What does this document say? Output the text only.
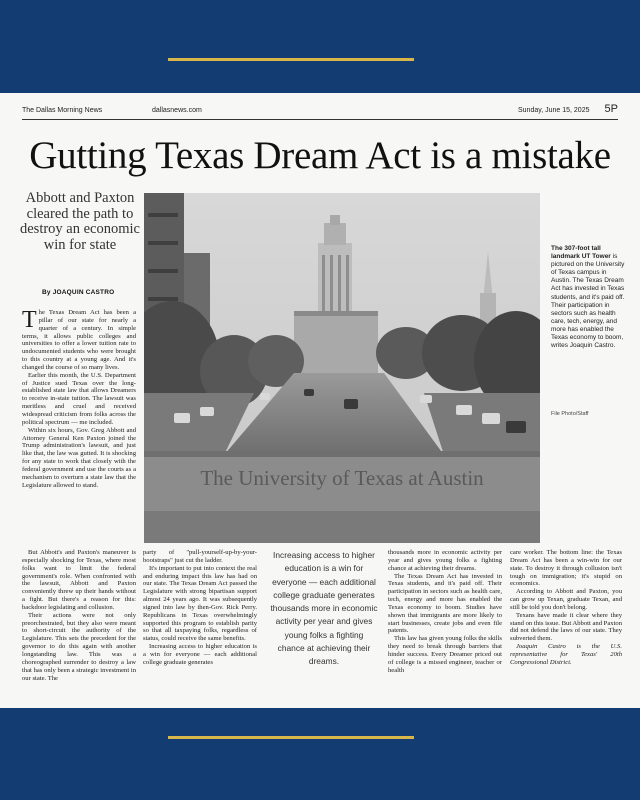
The Dallas Morning News	dallasnews.com	Sunday, June 15, 2025 5P
Gutting Texas Dream Act is a mistake
Abbott and Paxton cleared the path to destroy an economic win for state
By JOAQUIN CASTRO

The Texas Dream Act has been a pillar of our state for nearly a quarter of a century. In simple terms, it allows public colleges and universities to offer a lower tuition rate to undocumented students who were brought to this country at a young age. And it's changed the course of so many lives.

Earlier this month, the U.S. Department of Justice sued Texas over the long-established state law that allows Dreamers to receive in-state tuition. The lawsuit was meritless and cruel and received widespread criticism from folks across the political spectrum — me included.

Within six hours, Gov. Greg Abbott and Attorney General Ken Paxton joined the Trump administration's lawsuit, and just like that, the law was gutted. It is shocking for any state to work that closely with the federal government and use the courts as a mechanism to overturn a state law that the Legislature allowed to stand.

But Abbott's and Paxton's maneuver is especially shocking for Texas, where most folks want to limit the federal government's role. When confronted with the lawsuit, Abbott and Paxton conveniently threw up their hands without a fight. But there's a reason for this: backdoor legislating and collusion.

Their actions were not only preorchestrated, but they also were meant to short-circuit the authority of the Legislature. This sets the precedent for the governor to do this again with another longstanding law. This was a choreographed surrender to destroy a law that has only been a strategic investment in our state. The

party of "pull-yourself-up-by-your-bootstraps" just cut the ladder.

It's important to put into context the real and enduring impact this law has had on our state. The Texas Dream Act passed the Legislature with strong bipartisan support almost 24 years ago. It was subsequently signed into law by then-Gov. Rick Perry. Republicans in Texas overwhelmingly supported this program to establish parity so that all taxpaying folks, regardless of status, could receive the same benefits.

Increasing access to higher education is a win for everyone — each additional college graduate generates

Increasing access to higher education is a win for everyone — each additional college graduate generates thousands more in economic activity per year and gives young folks a fighting chance at achieving their dreams.

thousands more in economic activity per year and gives young folks a fighting chance at achieving their dreams.

The Texas Dream Act has invested in Texas students, and it's paid off. Their participation in sectors such as health care, tech, energy and more has enabled the Texas economy to boom. Studies have shown that immigrants are more likely to start businesses, create jobs and even file patents.

This law has given young folks the skills they need to break through barriers that hinder success. Every Dreamer priced out of college is a missed engineer, teacher or health

care worker. The bottom line: the Texas Dream Act has been a win-win for our state. To destroy it through collusion isn't tough on immigration; it's stupid on economics.

According to Abbott and Paxton, you can grow up Texan, graduate Texan, and still be told you don't belong.

Texans have made it clear where they stand on this issue. But Abbott and Paxton did not defend the laws of our state. They subverted them.

Joaquin Castro is the U.S. representative for Texas' 20th Congressional District.

The University of Texas at Austin
The 307-foot tall landmark UT Tower is pictured on the University of Texas campus in Austin. The Texas Dream Act has invested in Texas students, and it's paid off. Their participation in sectors such as health care, tech, energy, and more has enabled the Texas economy to boom, writes Joaquin Castro.
File Photo/Staff
